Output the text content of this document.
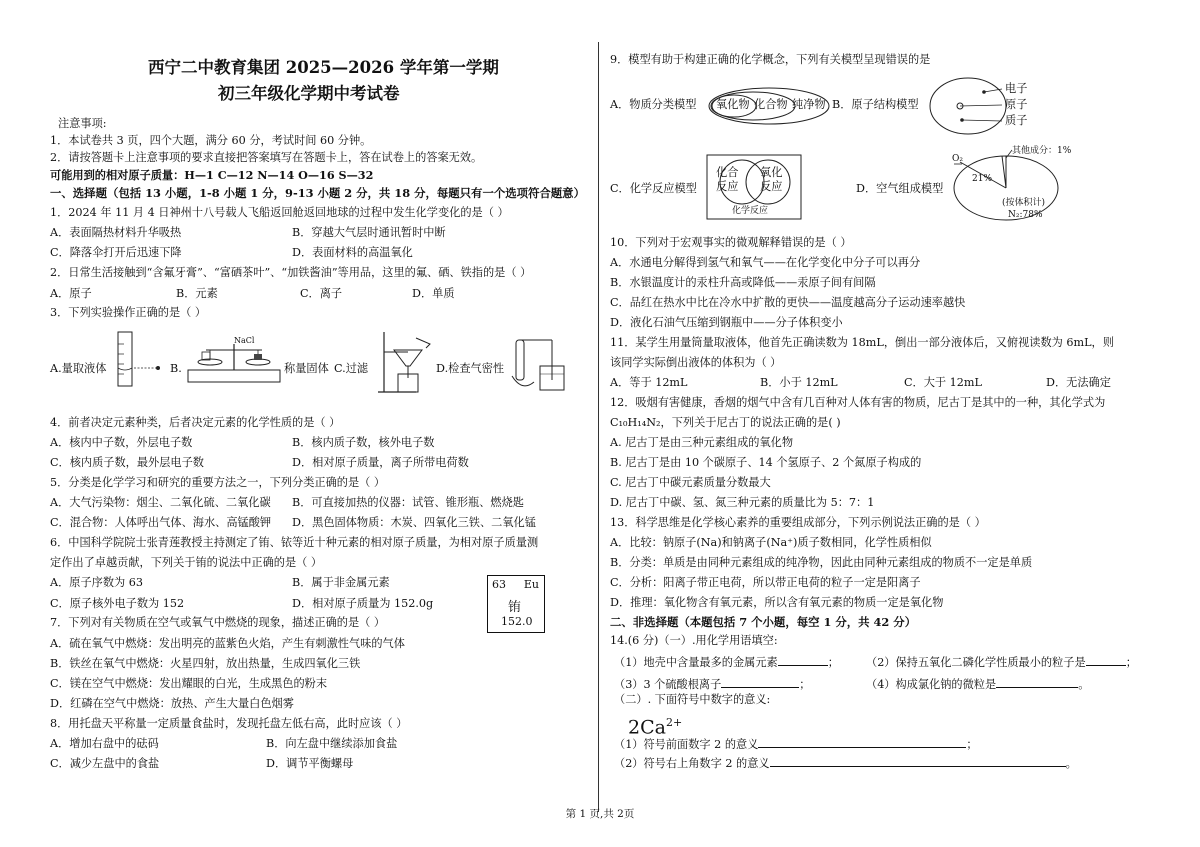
西宁二中教育集团 2025—2026 学年第一学期
初三年级化学期中考试卷
注意事项:
1．本试卷共 3 页，四个大题，满分 60 分，考试时间 60 分钟。
2．请按答题卡上注意事项的要求直接把答案填写在答题卡上，答在试卷上的答案无效。
可能用到的相对原子质量：H—1 C—12 N—14 O—16 S—32
一、选择题（包括 13 小题，1-8 小题 1 分，9-13 小题 2 分，共 18 分，每题只有一个选项符合题意）
1．2024 年 11 月 4 日神州十八号载人飞船返回舱返回地球的过程中发生化学变化的是（ ）
A．表面隔热材料升华吸热	B．穿越大气层时通讯暂时中断
C．降落伞打开后迅速下降	D．表面材料的高温氧化
2．日常生活接触到“含氟牙膏”、“富硒茶叶”、“加铁酱油”等用品，这里的氟、硒、铁指的是（ ）
A．原子	B．元素	C．离子	D．单质
3．下列实验操作正确的是（ ）
A.量取液体	B.	称量固体 C.过滤	D.检查气密性
NaCl
4．前者决定元素种类，后者决定元素的化学性质的是（ ）
A．核内中子数，外层电子数	B．核内质子数，核外电子数
C．核内质子数，最外层电子数	D．相对原子质量，离子所带电荷数
5．分类是化学学习和研究的重要方法之一，下列分类正确的是（ ）
A．大气污染物：烟尘、二氧化硫、二氧化碳 B．可直接加热的仪器：试管、锥形瓶、燃烧匙
C．混合物：人体呼出气体、海水、高锰酸钾 D．黑色固体物质：木炭、四氧化三铁、二氧化锰
6．中国科学院院士张青莲教授主持测定了铕、铱等近十种元素的相对原子质量，为相对原子质量测
定作出了卓越贡献，下列关于铕的说法中正确的是（ ）
A．原子序数为 63	B．属于非金属元素
C．原子核外电子数为 152	D．相对原子质量为 152.0g
63 Eu
铕
152.0
7．下列对有关物质在空气或氧气中燃烧的现象，描述正确的是（ ）
A．硫在氧气中燃烧：发出明亮的蓝紫色火焰，产生有刺激性气味的气体
B．铁丝在氧气中燃烧：火星四射，放出热量，生成四氧化三铁
C．镁在空气中燃烧：发出耀眼的白光，生成黑色的粉末
D．红磷在空气中燃烧：放热、产生大量白色烟雾
8．用托盘天平称量一定质量食盐时，发现托盘左低右高，此时应该（ ）
A．增加右盘中的砝码	B．向左盘中继续添加食盐
C．减少左盘中的食盐	D．调节平衡螺母
9．模型有助于构建正确的化学概念，下列有关模型呈现错误的是
A．物质分类模型 氧化物 化合物 纯净物 B．原子结构模型
电子
原子
质子
C．化学反应模型
化合
反应
氧化
反应
化学反应
D．空气组成模型
其他成分：1%
O₂
21%
(按体积计)
N₂:78%
10．下列对于宏观事实的微观解释错误的是（ ）
A．水通电分解得到氢气和氧气——在化学变化中分子可以再分
B．水银温度计的汞柱升高或降低——汞原子间有间隔
C．品红在热水中比在冷水中扩散的更快——温度越高分子运动速率越快
D．液化石油气压缩到钢瓶中——分子体积变小
11．某学生用量筒量取液体，他首先正确读数为 18mL，倒出一部分液体后，又俯视读数为 6mL，则
该同学实际倒出液体的体积为（ ）
A．等于 12mL	B．小于 12mL	C．大于 12mL	D．无法确定
12．吸烟有害健康，香烟的烟气中含有几百种对人体有害的物质，尼古丁是其中的一种，其化学式为
C₁₀H₁₄N₂，下列关于尼古丁的说法正确的是( )
A. 尼古丁是由三种元素组成的氧化物
B. 尼古丁是由 10 个碳原子、14 个氢原子、2 个氮原子构成的
C. 尼古丁中碳元素质量分数最大
D. 尼古丁中碳、氢、氮三种元素的质量比为 5：7：1
13．科学思维是化学核心素养的重要组成部分，下列示例说法正确的是（ ）
A．比较：钠原子(Na)和钠离子(Na⁺)质子数相同，化学性质相似
B．分类：单质是由同种元素组成的纯净物，因此由同种元素组成的物质不一定是单质
C．分析：阳离子带正电荷，所以带正电荷的粒子一定是阳离子
D．推理：氧化物含有氧元素，所以含有氧元素的物质一定是氧化物
二、非选择题（本题包括 7 个小题，每空 1 分，共 42 分）
14.(6 分)（一）.用化学用语填空:
（1）地壳中含量最多的金属元素	； （2）保持五氧化二磷化学性质最小的粒子是	；
（3）3 个硫酸根离子	；	（4）构成氯化钠的微粒是	。
（二）. 下面符号中数字的意义:
$2Ca^{2+}$
（1）符号前面数字 2 的意义	；
（2）符号右上角数字 2 的意义	。
第 1 页,共 2页
